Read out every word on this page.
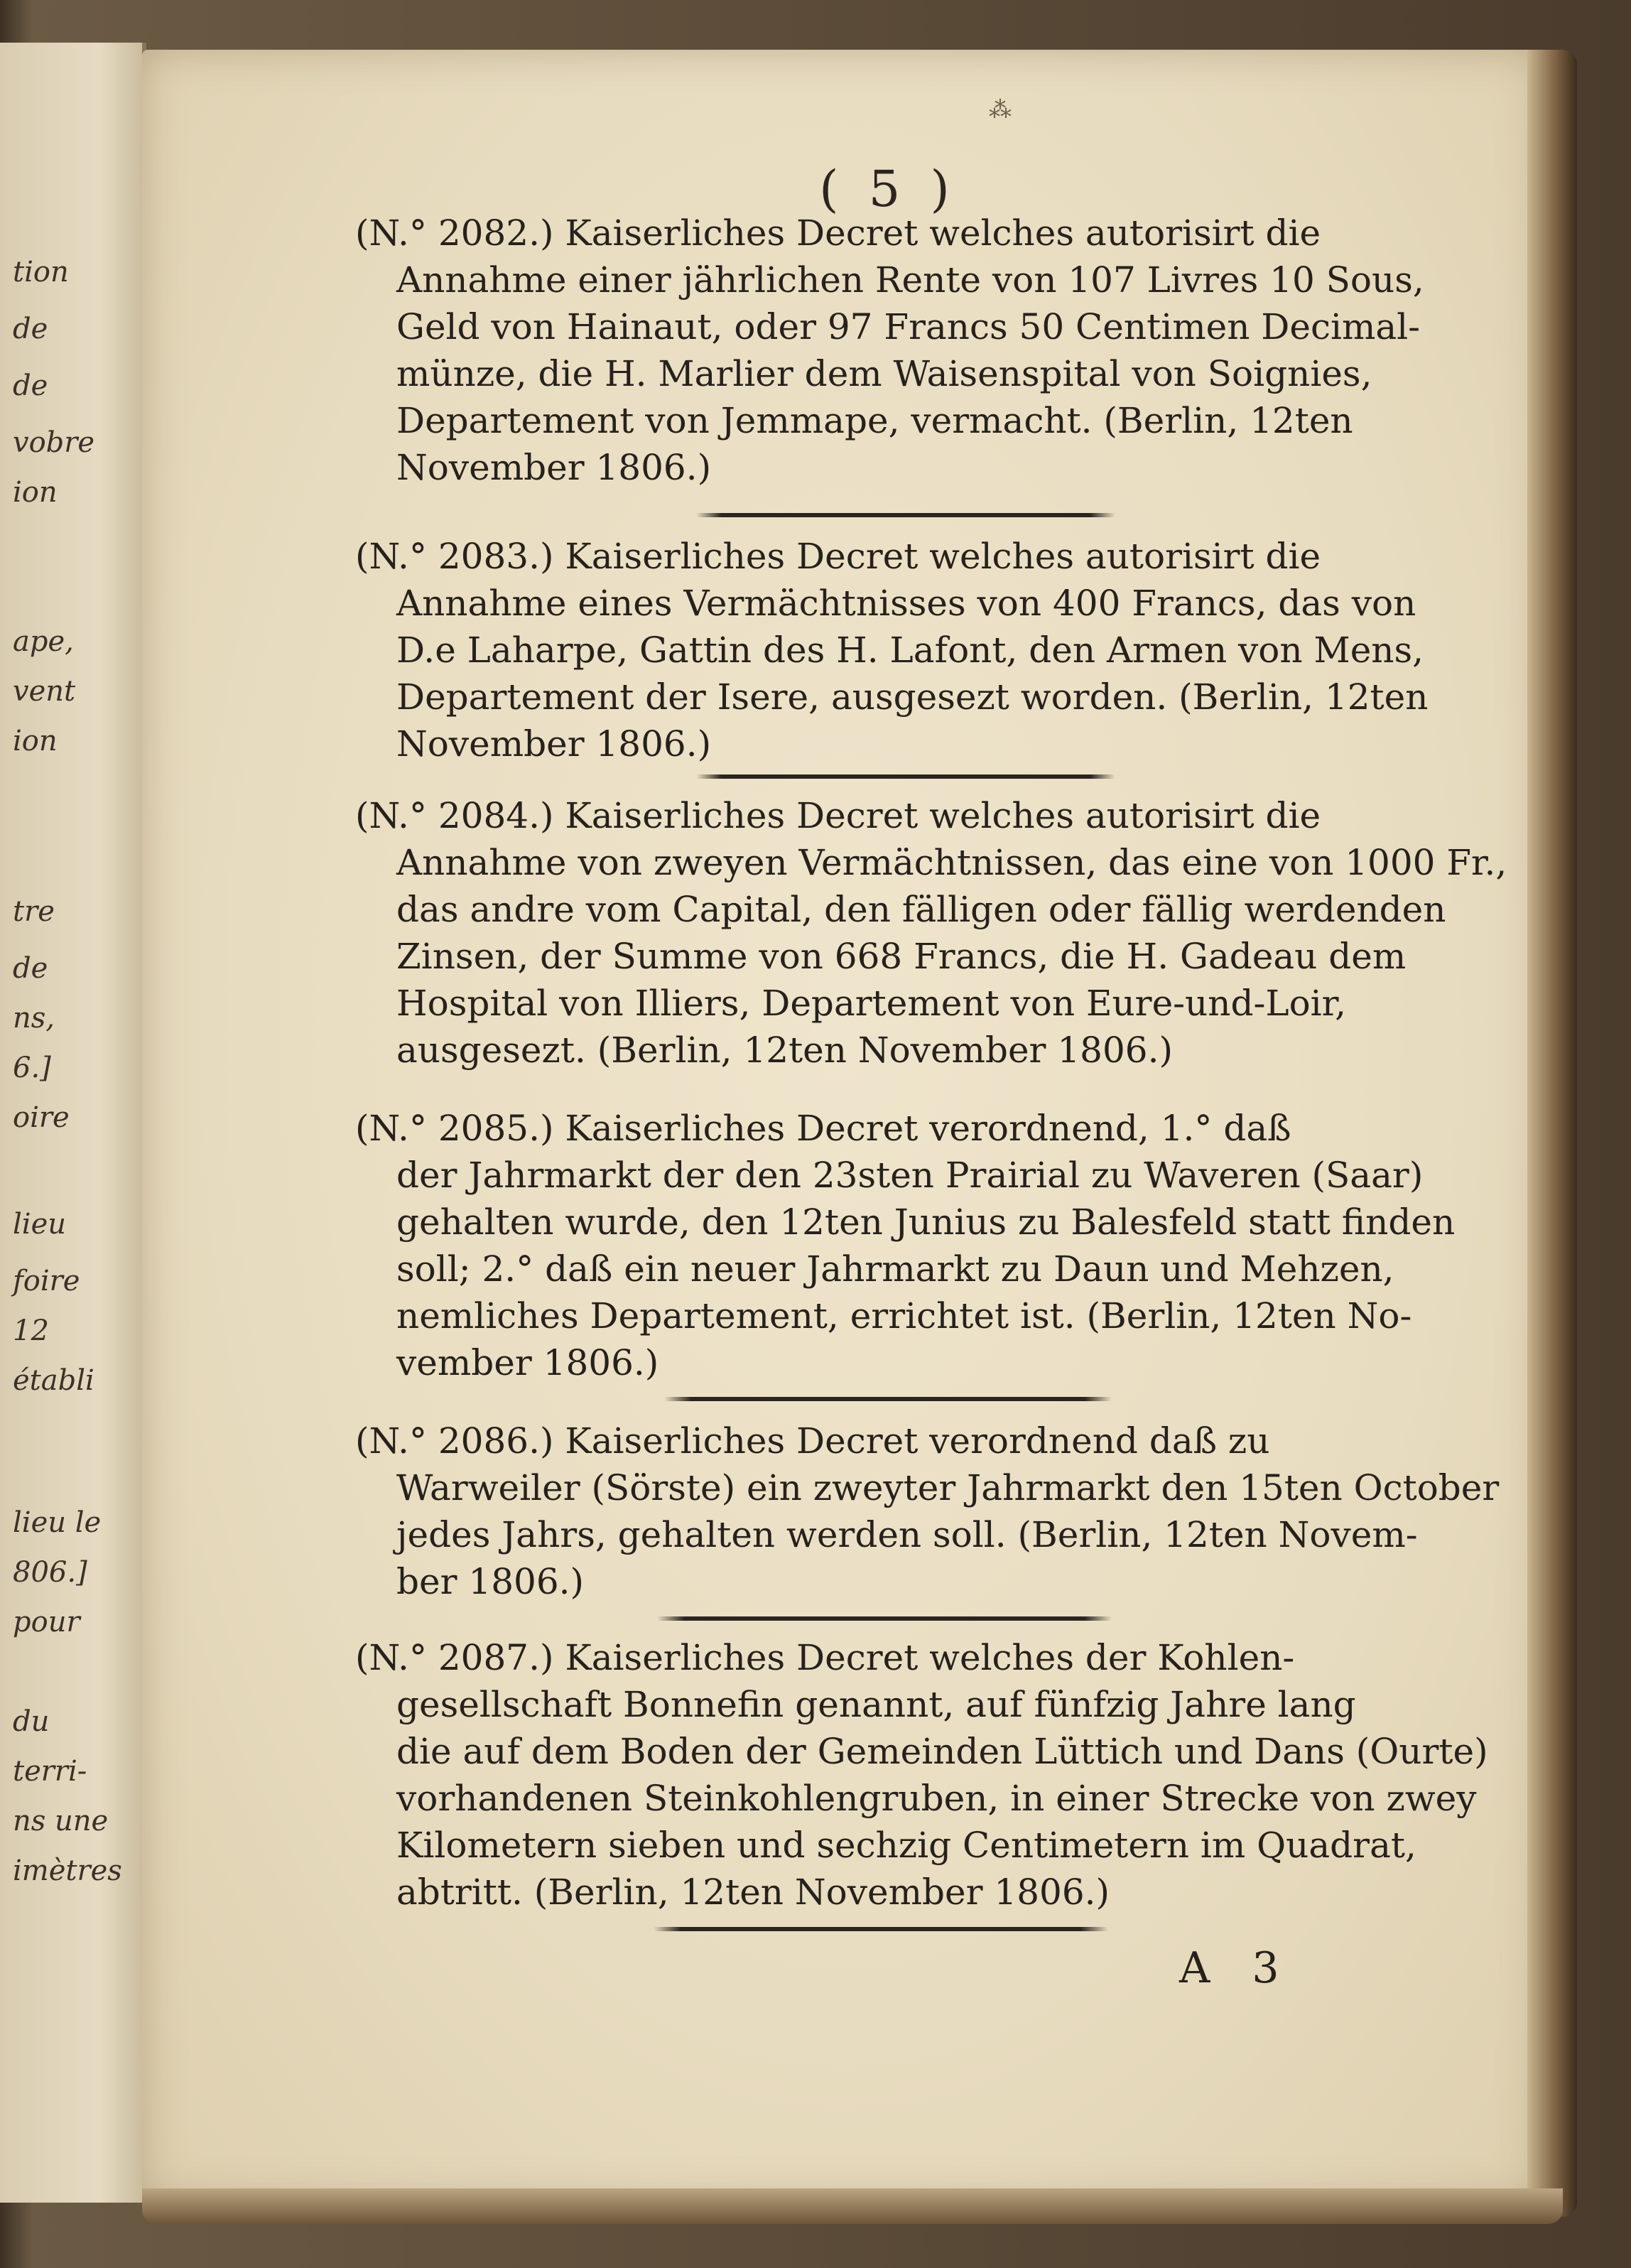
tion
de
de
vobre
ion
ape,
vent
ion
tre
de
ns,
6.]
oire
lieu
foire
12
établi
lieu le
806.]
pour
du
terri-
ns une
imètres
⁂
( 5 )
(N.° 2082.) Kaiserliches Decret welches autorisirt die
Annahme einer jährlichen Rente von 107 Livres 10 Sous,
Geld von Hainaut, oder 97 Francs 50 Centimen Decimal-
münze, die H. Marlier dem Waisenspital von Soignies,
Departement von Jemmape, vermacht. (Berlin, 12ten
November 1806.)
(N.° 2083.) Kaiserliches Decret welches autorisirt die
Annahme eines Vermächtnisses von 400 Francs, das von
D.e Laharpe, Gattin des H. Lafont, den Armen von Mens,
Departement der Isere, ausgesezt worden. (Berlin, 12ten
November 1806.)
(N.° 2084.) Kaiserliches Decret welches autorisirt die
Annahme von zweyen Vermächtnissen, das eine von 1000 Fr.,
das andre vom Capital, den fälligen oder fällig werdenden
Zinsen, der Summe von 668 Francs, die H. Gadeau dem
Hospital von Illiers, Departement von Eure-und-Loir,
ausgesezt. (Berlin, 12ten November 1806.)
(N.° 2085.) Kaiserliches Decret verordnend, 1.° daß
der Jahrmarkt der den 23sten Prairial zu Waveren (Saar)
gehalten wurde, den 12ten Junius zu Balesfeld statt finden
soll; 2.° daß ein neuer Jahrmarkt zu Daun und Mehzen,
nemliches Departement, errichtet ist. (Berlin, 12ten No-
vember 1806.)
(N.° 2086.) Kaiserliches Decret verordnend daß zu
Warweiler (Sörste) ein zweyter Jahrmarkt den 15ten October
jedes Jahrs, gehalten werden soll. (Berlin, 12ten Novem-
ber 1806.)
(N.° 2087.) Kaiserliches Decret welches der Kohlen-
gesellschaft Bonnefin genannt, auf fünfzig Jahre lang
die auf dem Boden der Gemeinden Lüttich und Dans (Ourte)
vorhandenen Steinkohlengruben, in einer Strecke von zwey
Kilometern sieben und sechzig Centimetern im Quadrat,
abtritt. (Berlin, 12ten November 1806.)
A 3
